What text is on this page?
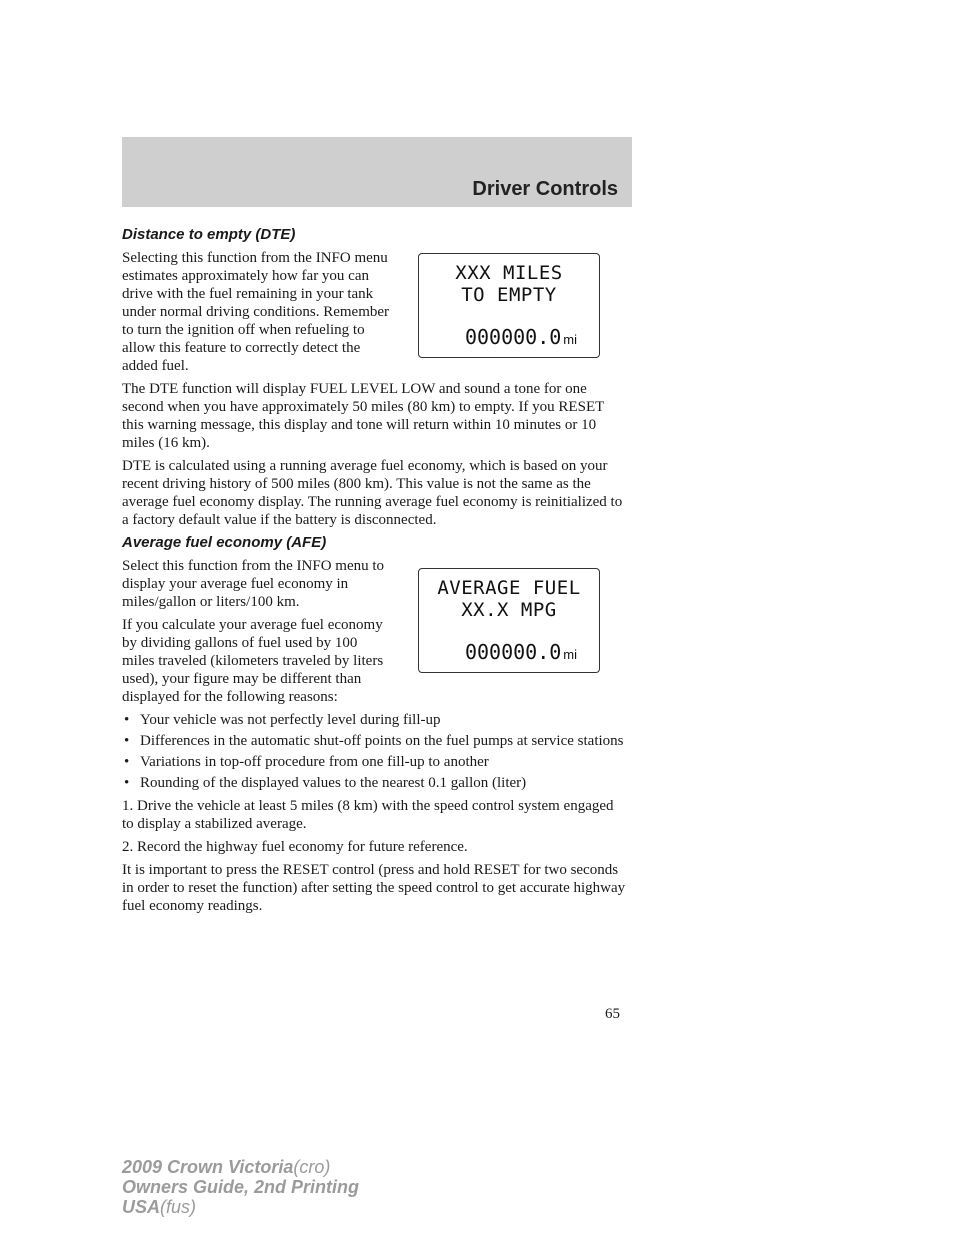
Driver Controls
Distance to empty (DTE)

Selecting this function from the INFO menu estimates approximately how far you can drive with the fuel remaining in your tank under normal driving conditions. Remember to turn the ignition off when refueling to allow this feature to correctly detect the added fuel.

The DTE function will display FUEL LEVEL LOW and sound a tone for one second when you have approximately 50 miles (80 km) to empty. If you RESET this warning message, this display and tone will return within 10 minutes or 10 miles (16 km).

DTE is calculated using a running average fuel economy, which is based on your recent driving history of 500 miles (800 km). This value is not the same as the average fuel economy display. The running average fuel economy is reinitialized to a factory default value if the battery is disconnected.

Average fuel economy (AFE)

Select this function from the INFO menu to display your average fuel economy in miles/gallon or liters/100 km.

If you calculate your average fuel economy by dividing gallons of fuel used by 100 miles traveled (kilometers traveled by liters used), your figure may be different than displayed for the following reasons:

• Your vehicle was not perfectly level during fill-up
• Differences in the automatic shut-off points on the fuel pumps at service stations
• Variations in top-off procedure from one fill-up to another
• Rounding of the displayed values to the nearest 0.1 gallon (liter)

1. Drive the vehicle at least 5 miles (8 km) with the speed control system engaged to display a stabilized average.

2. Record the highway fuel economy for future reference.

It is important to press the RESET control (press and hold RESET for two seconds in order to reset the function) after setting the speed control to get accurate highway fuel economy readings.

XXX MILES
TO EMPTY
000000.0 mi
AVERAGE FUEL
XX.X MPG
000000.0 mi
65
2009 Crown Victoria(cro)
Owners Guide, 2nd Printing
USA(fus)
